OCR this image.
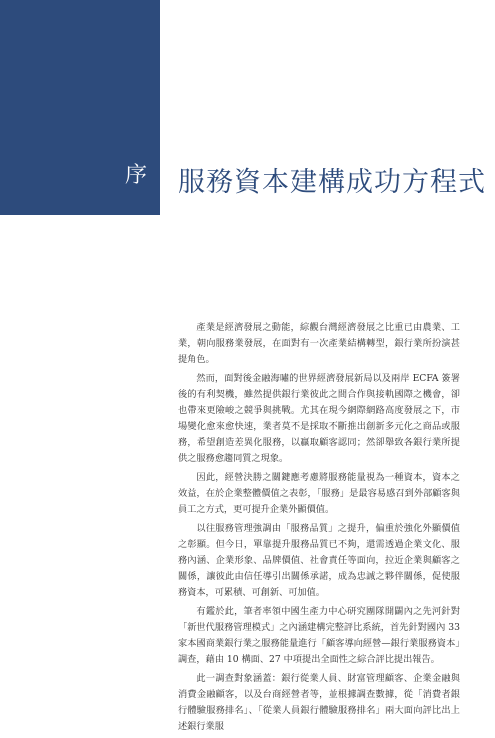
序	服務資本建構成功方程式

產業是經濟發展之動能，綜觀台灣經濟發展之比重已由農業、工業，朝向服務業發展，在面對有一次產業結構轉型，銀行業所扮演甚提角色。

然而，面對後金融海嘯的世界經濟發展新局以及兩岸 ECFA 簽署後的有利契機，雖然提供銀行業彼此之間合作與接軌國際之機會，卻也帶來更險峻之競爭與挑戰。尤其在現今網際網路高度發展之下，市場變化愈來愈快速，業者莫不是採取不斷推出創新多元化之商品或服務，希望創造差異化服務，以贏取顧客認同；然卻舉致各銀行業所提供之服務愈趨同質之現象。

因此，經營決勝之關鍵應考慮將服務能量視為一種資本，資本之效益，在於企業整體價值之表彰，「服務」是最容易感召到外部顧客與員工之方式，更可提升企業外顯價值。

以往服務管理強調由「服務品質」之提升，偏重於強化外顯價值之彰顯。但今日，單靠提升服務品質已不夠，還需透過企業文化、服務內涵、企業形象、品牌價值、社會責任等面向，拉近企業與顧客之關係，讓彼此由信任導引出關係承諾，成為忠誠之夥伴關係，促使服務資本，可累積、可創新、可加值。

有鑑於此，筆者率領中國生產力中心研究團隊開闢內之先河針對「新世代服務管理模式」之內涵建構完整評比系統，首先針對國內 33 家本國商業銀行業之服務能量進行「顧客導向經營—銀行業服務資本」調查，藉由 10 構面、27 中項提出全面性之綜合評比提出報告。

此一調查對象涵蓋：銀行從業人員、財富管理顧客、企業金融與消費金融顧客，以及台商經營者等，並根據調查數據，從「消費者銀行體驗服務排名」、「從業人員銀行體驗服務排名」兩大面向評比出上述銀行業服
